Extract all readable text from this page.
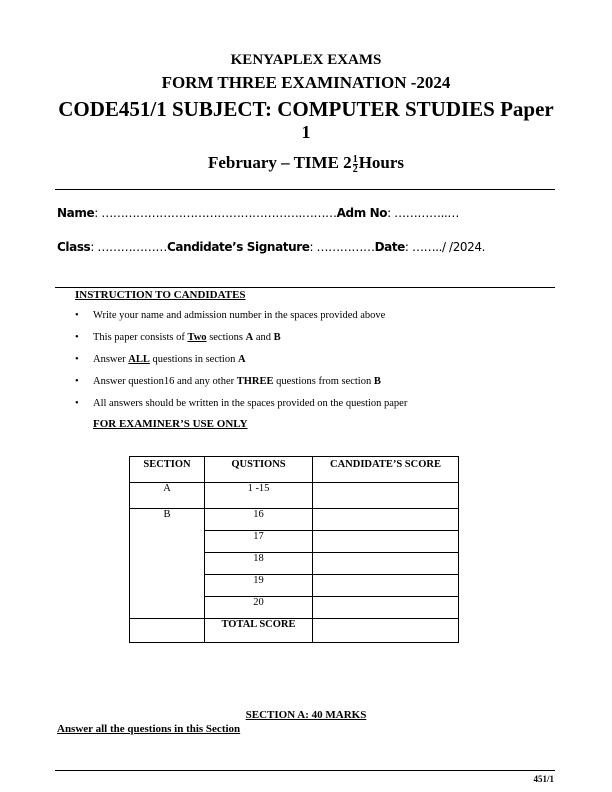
KENYAPLEX EXAMS
FORM THREE EXAMINATION -2024
CODE451/1 SUBJECT: COMPUTER STUDIES Paper
1
February – TIME $2 \frac{1}{2}$ Hours
Name: …………………………………………….………Adm No: …………..…
Class: ………………Candidate’s Signature: ……………Date: ……../ /2024.
INSTRUCTION TO CANDIDATES
• Write your name and admission number in the spaces provided above
• This paper consists of Two sections A and B
• Answer ALL questions in section A
• Answer question16 and any other THREE questions from section B
• All answers should be written in the spaces provided on the question paper
FOR EXAMINER’S USE ONLY
SECTION	QUSTIONS	CANDIDATE’S SCORE
A	1 -15	
B	16	
	17	
	18	
	19	
	20	
	TOTAL SCORE	
SECTION A: 40 MARKS
Answer all the questions in this Section
451/1
